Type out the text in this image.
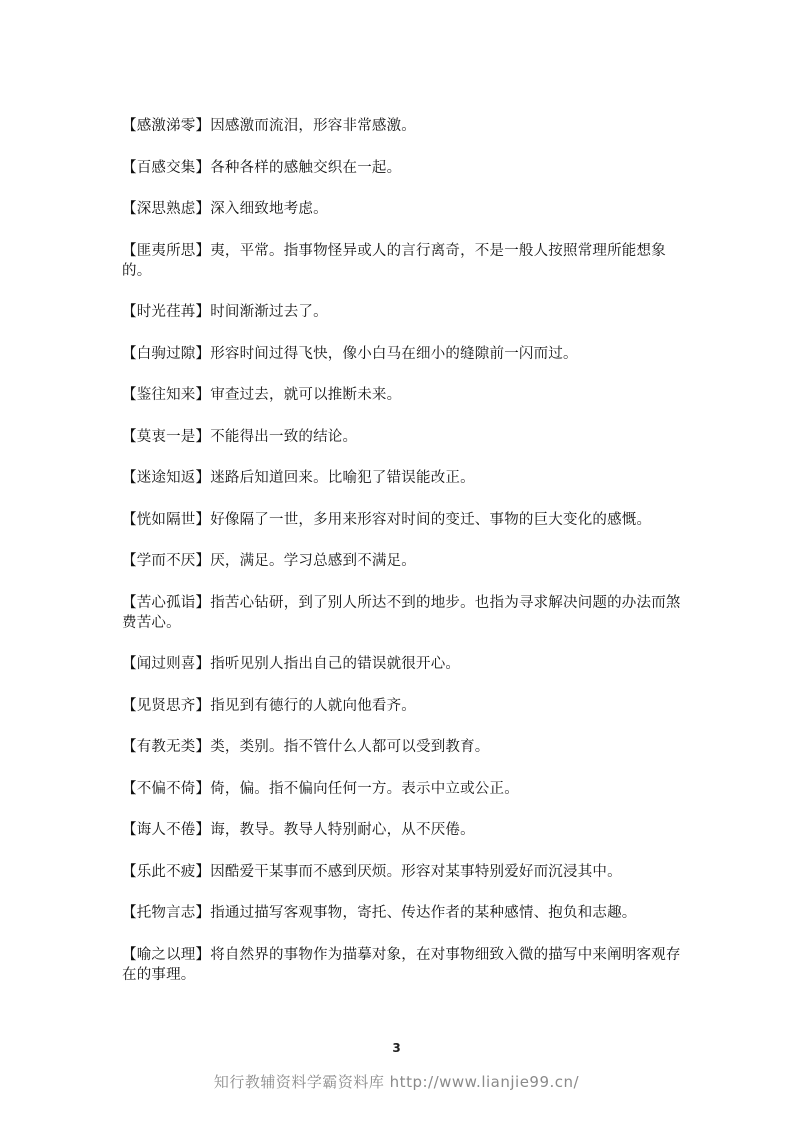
【感激涕零】因感激而流泪，形容非常感激。

【百感交集】各种各样的感触交织在一起。

【深思熟虑】深入细致地考虑。

【匪夷所思】夷，平常。指事物怪异或人的言行离奇，不是一般人按照常理所能想象的。

【时光荏苒】时间渐渐过去了。

【白驹过隙】形容时间过得飞快，像小白马在细小的缝隙前一闪而过。

【鉴往知来】审查过去，就可以推断未来。

【莫衷一是】不能得出一致的结论。

【迷途知返】迷路后知道回来。比喻犯了错误能改正。

【恍如隔世】好像隔了一世，多用来形容对时间的变迁、事物的巨大变化的感慨。

【学而不厌】厌，满足。学习总感到不满足。

【苦心孤诣】指苦心钻研，到了别人所达不到的地步。也指为寻求解决问题的办法而煞费苦心。

【闻过则喜】指听见别人指出自己的错误就很开心。

【见贤思齐】指见到有德行的人就向他看齐。

【有教无类】类，类别。指不管什么人都可以受到教育。

【不偏不倚】倚，偏。指不偏向任何一方。表示中立或公正。

【诲人不倦】诲，教导。教导人特别耐心，从不厌倦。

【乐此不疲】因酷爱干某事而不感到厌烦。形容对某事特别爱好而沉浸其中。

【托物言志】指通过描写客观事物，寄托、传达作者的某种感情、抱负和志趣。

【喻之以理】将自然界的事物作为描摹对象，在对事物细致入微的描写中来阐明客观存在的事理。

3
知行教辅资料学霸资料库 http://www.lianjie99.cn/
